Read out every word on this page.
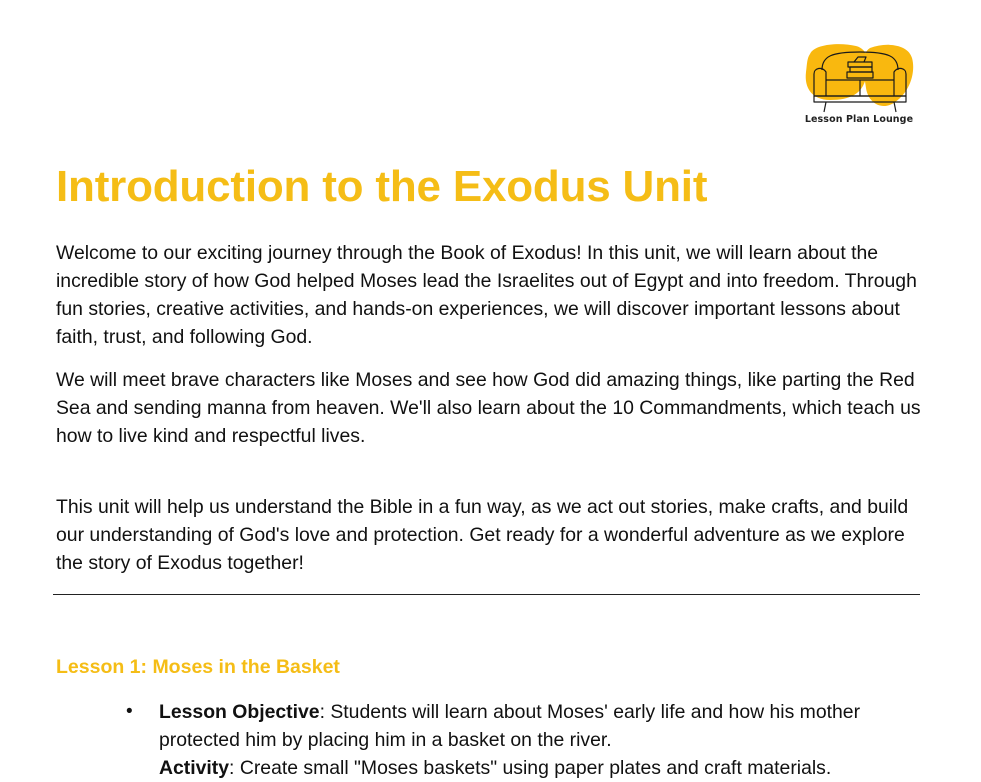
Lesson Plan Lounge
Introduction to the Exodus Unit

Welcome to our exciting journey through the Book of Exodus! In this unit, we will learn about the incredible story of how God helped Moses lead the Israelites out of Egypt and into freedom. Through fun stories, creative activities, and hands-on experiences, we will discover important lessons about faith, trust, and following God.

We will meet brave characters like Moses and see how God did amazing things, like parting the Red Sea and sending manna from heaven. We'll also learn about the 10 Commandments, which teach us how to live kind and respectful lives.

This unit will help us understand the Bible in a fun way, as we act out stories, make crafts, and build our understanding of God's love and protection. Get ready for a wonderful adventure as we explore the story of Exodus together!

Lesson 1: Moses in the Basket
• Lesson Objective: Students will learn about Moses' early life and how his mother protected him by placing him in a basket on the river.
Activity: Create small "Moses baskets" using paper plates and craft materials.
